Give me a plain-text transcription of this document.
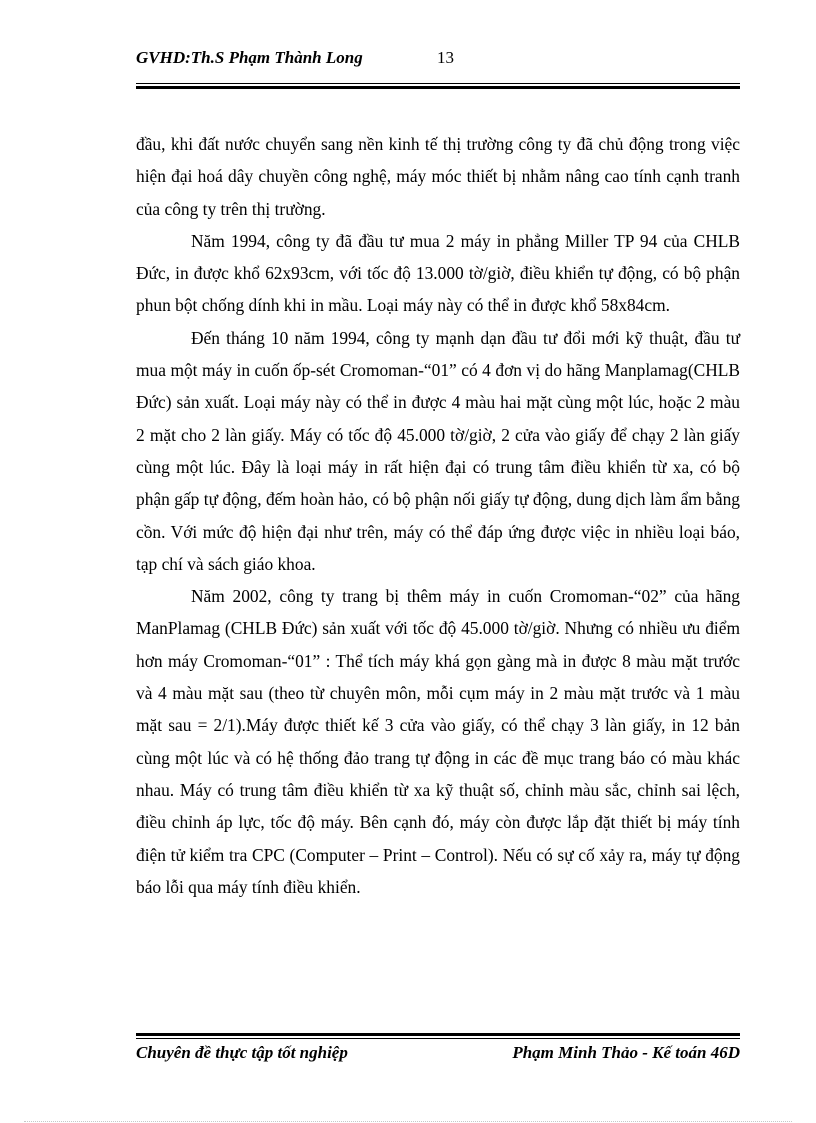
GVHD:Th.S Phạm Thành Long	13

đầu, khi đất nước chuyển sang nền kinh tế thị trường công ty đã chủ động trong việc hiện đại hoá dây chuyền công nghệ, máy móc thiết bị nhằm nâng cao tính cạnh tranh của công ty trên thị trường.

Năm 1994, công ty đã đầu tư mua 2 máy in phẳng Miller TP 94 của CHLB Đức, in được khổ 62x93cm, với tốc độ 13.000 tờ/giờ, điều khiển tự động, có bộ phận phun bột chống dính khi in mầu. Loại máy này có thể in được khổ 58x84cm.

Đến tháng 10 năm 1994, công ty mạnh dạn đầu tư đổi mới kỹ thuật, đầu tư mua một máy in cuốn ốp-sét Cromoman-“01” có 4 đơn vị do hãng Manplamag(CHLB Đức) sản xuất. Loại máy này có thể in được 4 màu hai mặt cùng một lúc, hoặc 2 màu 2 mặt cho 2 làn giấy. Máy có tốc độ 45.000 tờ/giờ, 2 cửa vào giấy để chạy 2 làn giấy cùng một lúc. Đây là loại máy in rất hiện đại có trung tâm điều khiển từ xa, có bộ phận gấp tự động, đếm hoàn hảo, có bộ phận nối giấy tự động, dung dịch làm ẩm bằng cồn. Với mức độ hiện đại như trên, máy có thể đáp ứng được việc in nhiều loại báo, tạp chí và sách giáo khoa.

Năm 2002, công ty trang bị thêm máy in cuốn Cromoman-“02” của hãng ManPlamag (CHLB Đức) sản xuất với tốc độ 45.000 tờ/giờ. Nhưng có nhiều ưu điểm hơn máy Cromoman-“01” : Thể tích máy khá gọn gàng mà in được 8 màu mặt trước và 4 màu mặt sau (theo từ chuyên môn, mỗi cụm máy in 2 màu mặt trước và 1 màu mặt sau = 2/1).Máy được thiết kế 3 cửa vào giấy, có thể chạy 3 làn giấy, in 12 bản cùng một lúc và có hệ thống đảo trang tự động in các đề mục trang báo có màu khác nhau. Máy có trung tâm điều khiển từ xa kỹ thuật số, chỉnh màu sắc, chỉnh sai lệch, điều chỉnh áp lực, tốc độ máy. Bên cạnh đó, máy còn được lắp đặt thiết bị máy tính điện tử kiểm tra CPC (Computer – Print – Control). Nếu có sự cố xảy ra, máy tự động báo lỗi qua máy tính điều khiển.

Chuyên đề thực tập tốt nghiệp	Phạm Minh Thảo - Kế toán 46D
